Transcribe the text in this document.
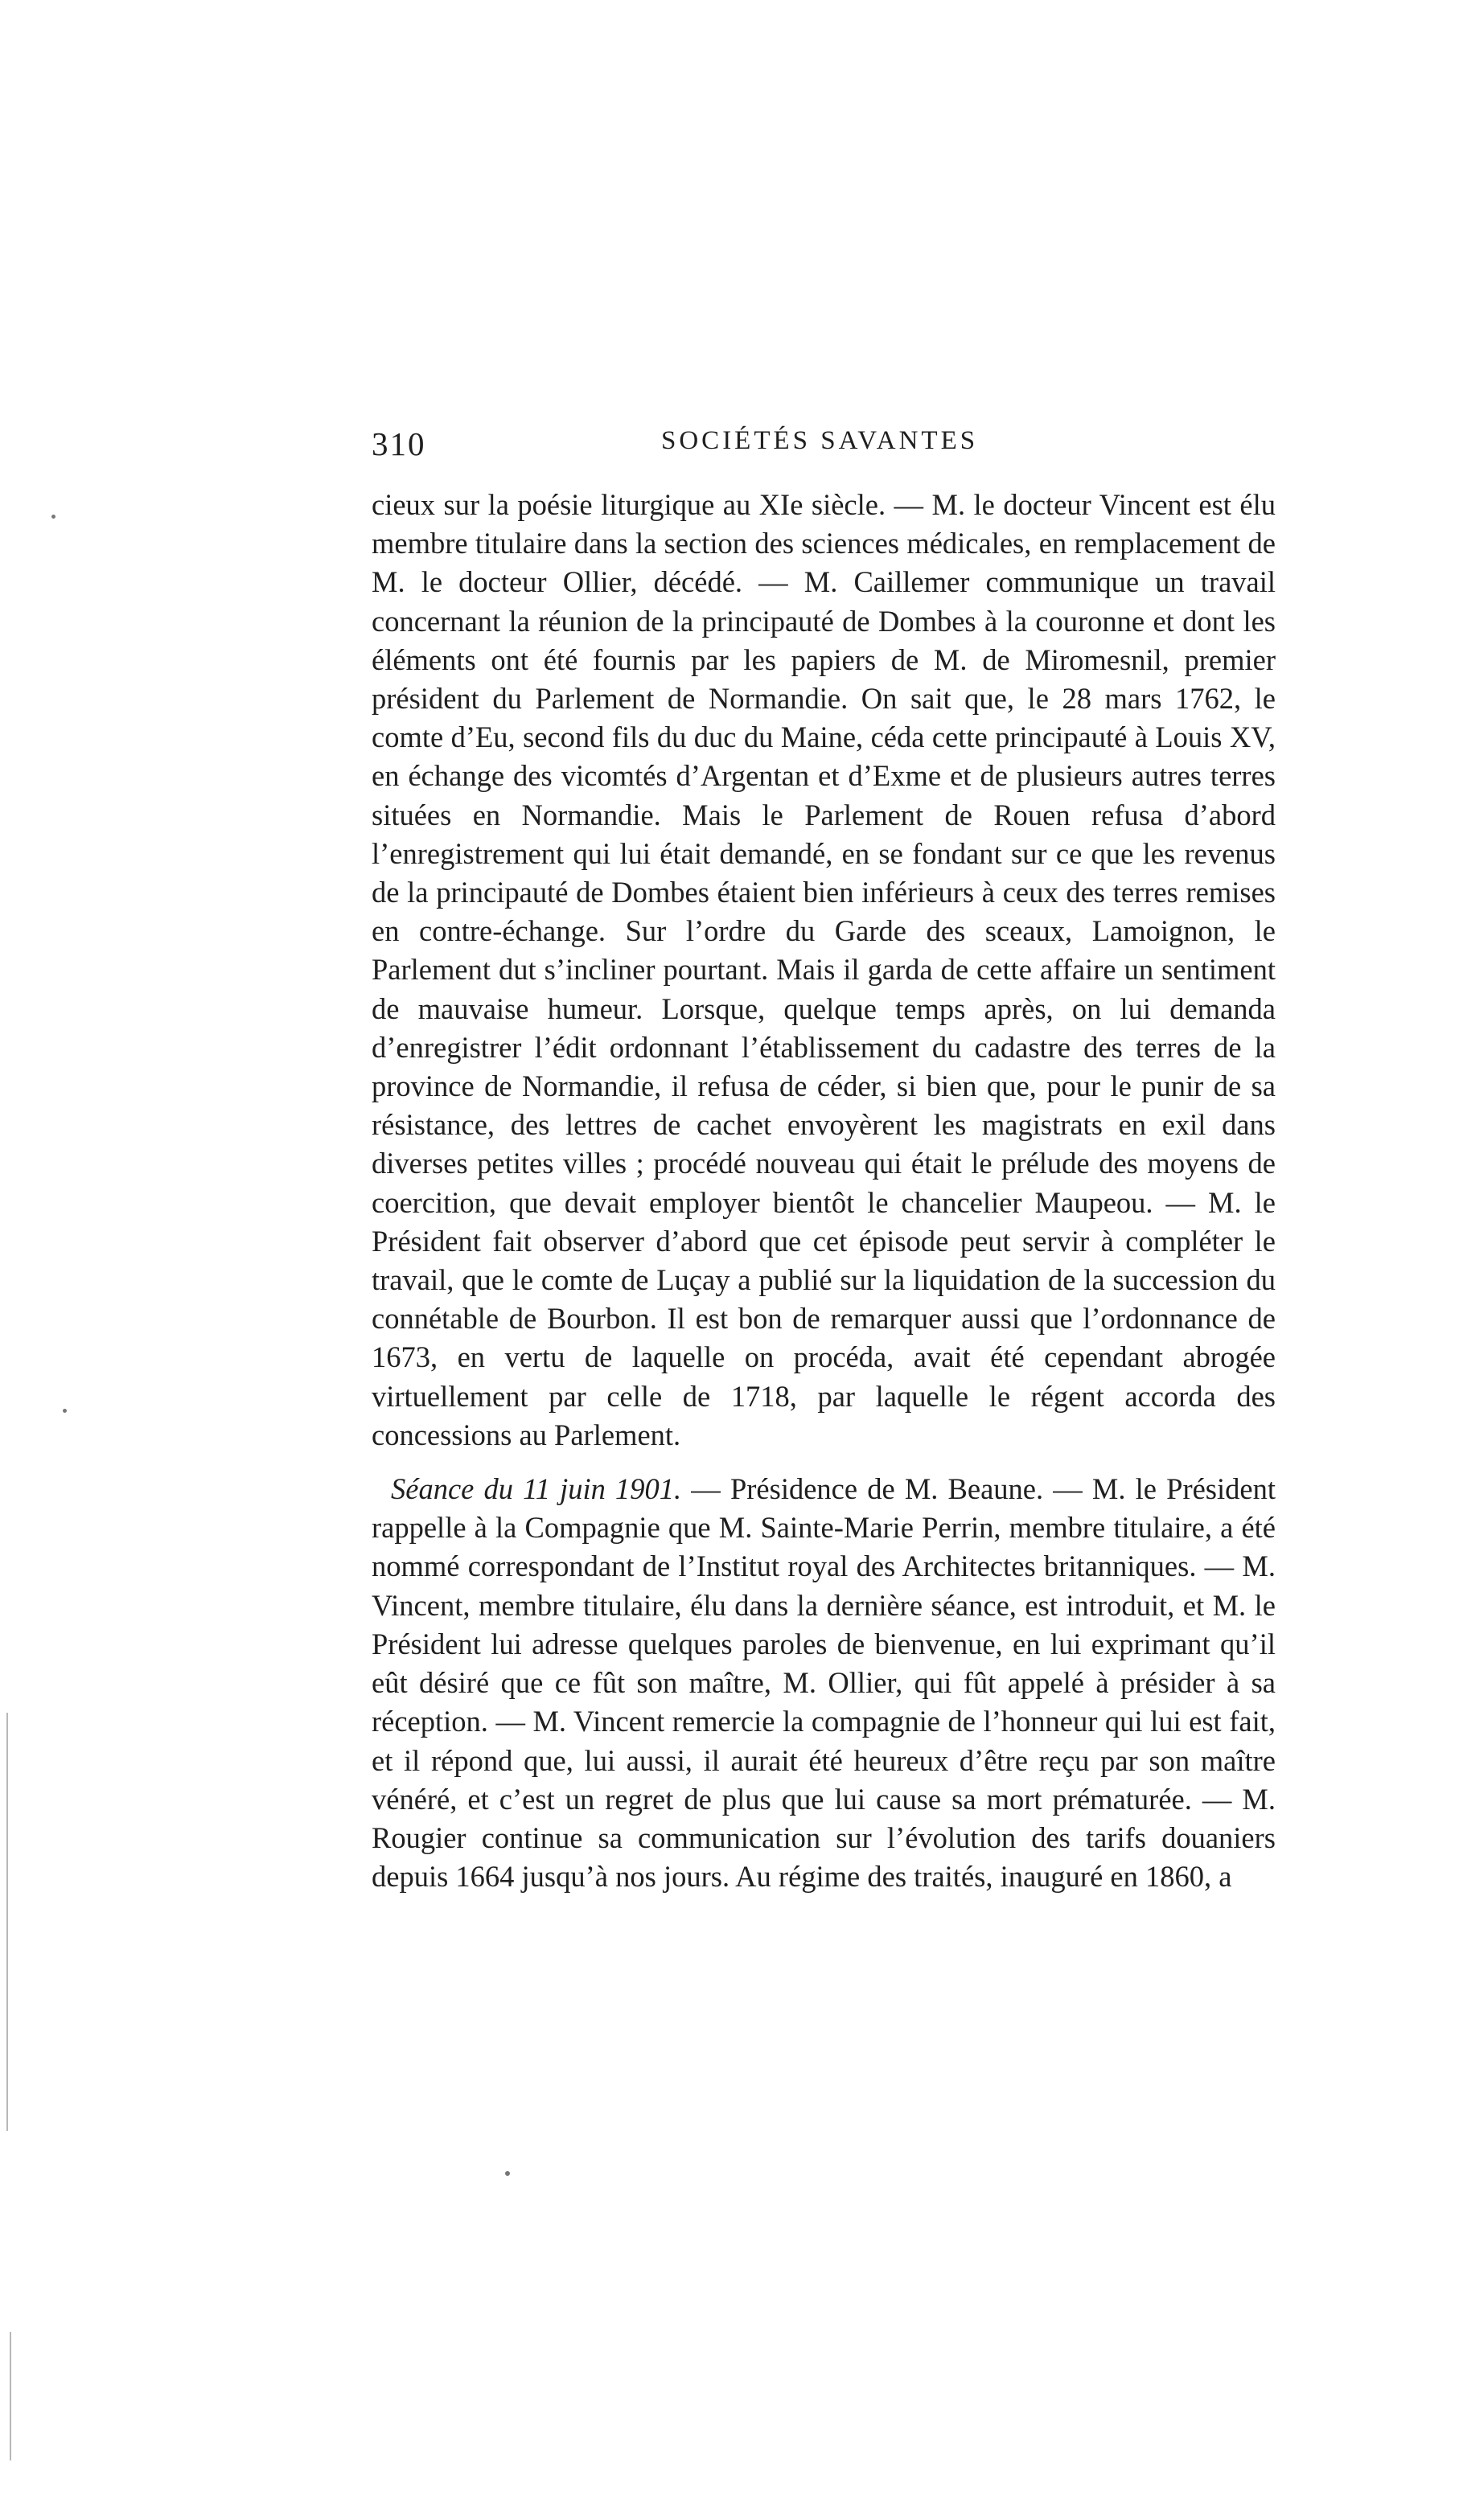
310	SOCIÉTÉS SAVANTES

cieux sur la poésie liturgique au XIe siècle. — M. le docteur Vincent est élu membre titulaire dans la section des sciences médicales, en remplacement de M. le docteur Ollier, décédé. — M. Caillemer communique un travail concernant la réunion de la principauté de Dombes à la couronne et dont les éléments ont été fournis par les papiers de M. de Miromesnil, premier président du Parlement de Normandie. On sait que, le 28 mars 1762, le comte d’Eu, second fils du duc du Maine, céda cette principauté à Louis XV, en échange des vicomtés d’Argentan et d’Exme et de plusieurs autres terres situées en Normandie. Mais le Parlement de Rouen refusa d’abord l’enregistrement qui lui était demandé, en se fondant sur ce que les revenus de la principauté de Dombes étaient bien inférieurs à ceux des terres remises en contre-échange. Sur l’ordre du Garde des sceaux, Lamoignon, le Parlement dut s’incliner pourtant. Mais il garda de cette affaire un sentiment de mauvaise humeur. Lorsque, quelque temps après, on lui demanda d’enregistrer l’édit ordonnant l’établissement du cadastre des terres de la province de Normandie, il refusa de céder, si bien que, pour le punir de sa résistance, des lettres de cachet envoyèrent les magistrats en exil dans diverses petites villes ; procédé nouveau qui était le prélude des moyens de coercition, que devait employer bientôt le chancelier Maupeou. — M. le Président fait observer d’abord que cet épisode peut servir à compléter le travail, que le comte de Luçay a publié sur la liquidation de la succession du connétable de Bourbon. Il est bon de remarquer aussi que l’ordonnance de 1673, en vertu de laquelle on procéda, avait été cependant abrogée virtuellement par celle de 1718, par laquelle le régent accorda des concessions au Parlement.

Séance du 11 juin 1901. — Présidence de M. Beaune. — M. le Président rappelle à la Compagnie que M. Sainte-Marie Perrin, membre titulaire, a été nommé correspondant de l’Institut royal des Architectes britanniques. — M. Vincent, membre titulaire, élu dans la dernière séance, est introduit, et M. le Président lui adresse quelques paroles de bienvenue, en lui exprimant qu’il eût désiré que ce fût son maître, M. Ollier, qui fût appelé à présider à sa réception. — M. Vincent remercie la compagnie de l’honneur qui lui est fait, et il répond que, lui aussi, il aurait été heureux d’être reçu par son maître vénéré, et c’est un regret de plus que lui cause sa mort prématurée. — M. Rougier continue sa communication sur l’évolution des tarifs douaniers depuis 1664 jusqu’à nos jours. Au régime des traités, inauguré en 1860, a
